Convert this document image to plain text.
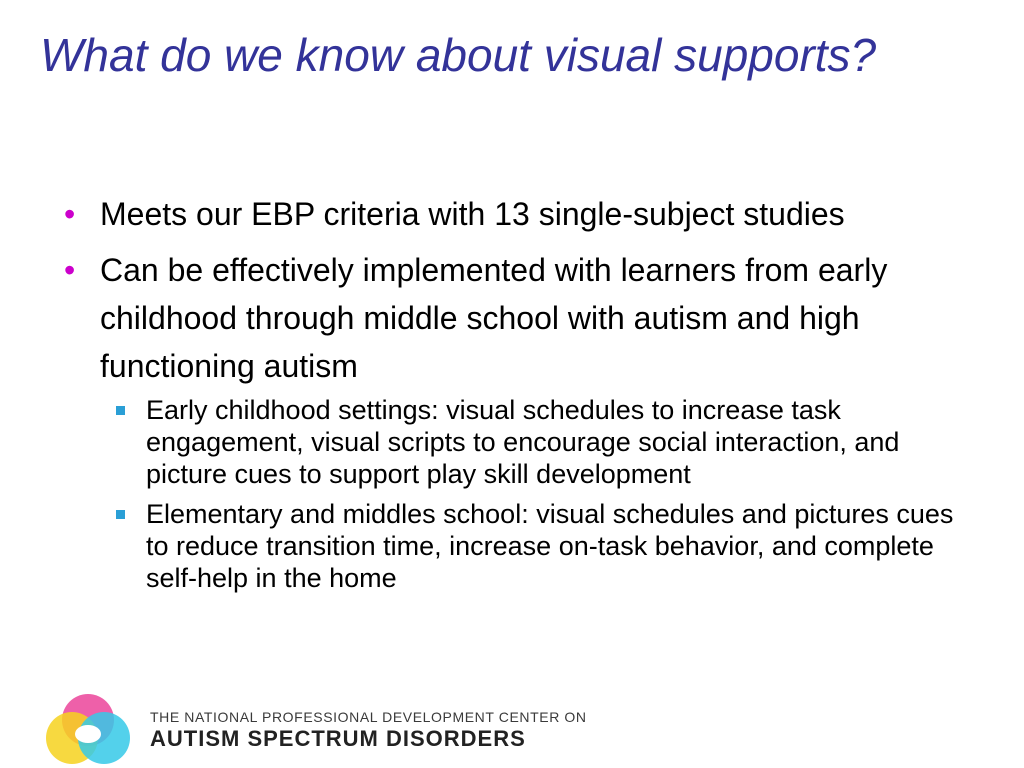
What do we know about visual supports?
• Meets our EBP criteria with 13 single-subject studies
• Can be effectively implemented with learners from early childhood through middle school with autism and high functioning autism
Early childhood settings: visual schedules to increase task engagement, visual scripts to encourage social interaction, and picture cues to support play skill development
Elementary and middles school: visual schedules and pictures cues to reduce transition time, increase on-task behavior, and complete self-help in the home
THE NATIONAL PROFESSIONAL DEVELOPMENT CENTER ON
AUTISM SPECTRUM DISORDERS
